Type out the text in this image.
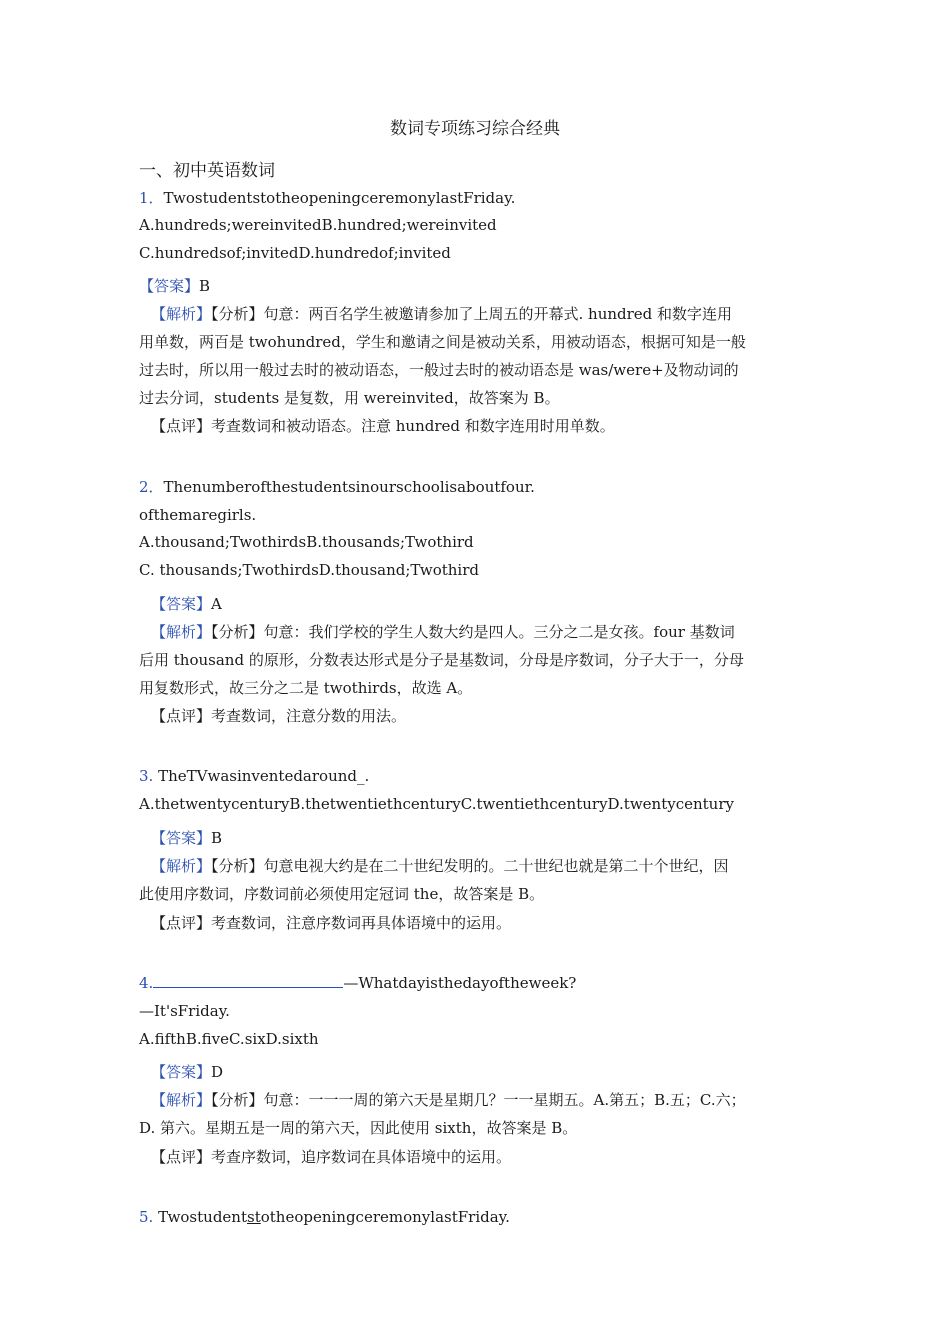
数词专项练习综合经典
一、初中英语数词
1．TwostudentstotheopeningceremonylastFriday.
A.hundreds;wereinvitedB.hundred;wereinvited
C.hundredsof;invitedD.hundredof;invited
【答案】B
【解析】【分析】句意：两百名学生被邀请参加了上周五的开幕式. hundred 和数字连用
用单数，两百是 twohundred，学生和邀请之间是被动关系，用被动语态，根据可知是一般
过去时，所以用一般过去时的被动语态，一般过去时的被动语态是 was/were+及物动词的
过去分词，students 是复数，用 wereinvited，故答案为 B。
【点评】考查数词和被动语态。注意 hundred 和数字连用时用单数。
2．Thenumberofthestudentsinourschoolisaboutfour.
ofthemaregirls.
A.thousand;TwothirdsB.thousands;Twothird
C. thousands;TwothirdsD.thousand;Twothird
【答案】A
【解析】【分析】句意：我们学校的学生人数大约是四人。三分之二是女孩。four 基数词
后用 thousand 的原形，分数表达形式是分子是基数词，分母是序数词，分子大于一，分母
用复数形式，故三分之二是 twothirds，故选 A。
【点评】考查数词，注意分数的用法。
3. TheTVwasinventedaround_.
A.thetwentycenturyB.thetwentiethcenturyC.twentiethcenturyD.twentycentury
【答案】B
【解析】【分析】句意电视大约是在二十世纪发明的。二十世纪也就是第二十个世纪，因
此使用序数词，序数词前必须使用定冠词 the，故答案是 B。
【点评】考查数词，注意序数词再具体语境中的运用。
4.	—Whatdayisthedayoftheweek?
—It'sFriday.
A.fifthB.fiveC.sixD.sixth
【答案】D
【解析】【分析】句意：一一一周的第六天是星期几？一一星期五。A.第五；B.五；C.六；
D. 第六。星期五是一周的第六天，因此使用 sixth，故答案是 B。
【点评】考查序数词，追序数词在具体语境中的运用。
5. TwostudentstotheopeningceremonylastFriday.
